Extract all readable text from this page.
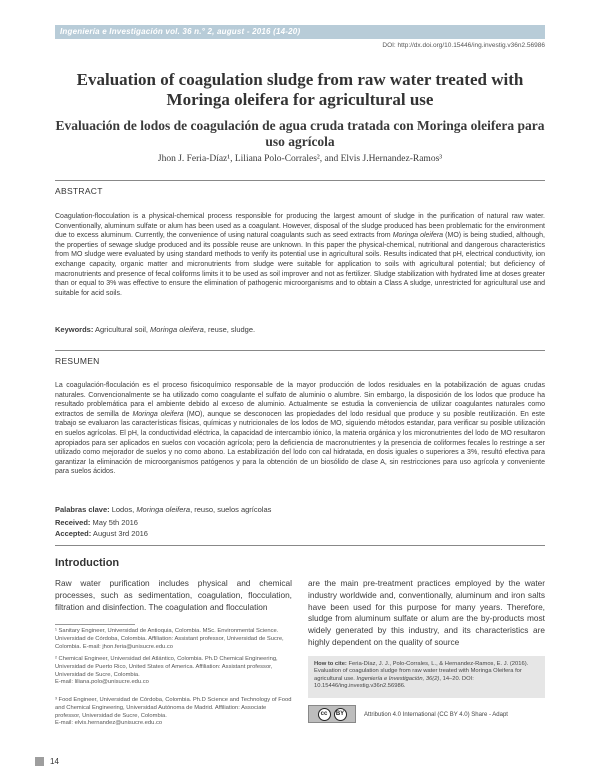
Ingeniería e Investigación vol. 36 n.° 2, august - 2016 (14-20)
DOI: http://dx.doi.org/10.15446/ing.investig.v36n2.56986
Evaluation of coagulation sludge from raw water treated with Moringa oleifera for agricultural use
Evaluación de lodos de coagulación de agua cruda tratada con Moringa oleifera para uso agrícola
Jhon J. Feria-Díaz¹, Liliana Polo-Corrales², and Elvis J.Hernandez-Ramos³
ABSTRACT
Coagulation-flocculation is a physical-chemical process responsible for producing the largest amount of sludge in the purification of natural raw water. Conventionally, aluminum sulfate or alum has been used as a coagulant. However, disposal of the sludge produced has been problematic for the environment due to excess aluminum. Currently, the convenience of using natural coagulants such as seed extracts from Moringa oleifera (MO) is being studied, although, the properties of sewage sludge produced and its possible reuse are unknown. In this paper the physical-chemical, nutritional and dangerous characteristics from MO sludge were evaluated by using standard methods to verify its potential use in agricultural soils. Results indicated that pH, electrical conductivity, ion exchange capacity, organic matter and micronutrients from sludge were suitable for application to soils with agricultural potential; but deficiency of macronutrients and presence of fecal coliforms limits it to be used as soil improver and not as fertilizer. Sludge stabilization with hydrated lime at doses greater than or equal to 3% was effective to ensure the elimination of pathogenic microorganisms and to obtain a Class A sludge, unrestricted for agricultural use and suitable for acid soils.
Keywords: Agricultural soil, Moringa oleifera, reuse, sludge.
RESUMEN
La coagulación-floculación es el proceso fisicoquímico responsable de la mayor producción de lodos residuales en la potabilización de aguas crudas naturales. Convencionalmente se ha utilizado como coagulante el sulfato de aluminio o alumbre. Sin embargo, la disposición de los lodos que produce ha resultado problemática para el ambiente debido al exceso de aluminio. Actualmente se estudia la conveniencia de utilizar coagulantes naturales como extractos de semilla de Moringa oleifera (MO), aunque se desconocen las propiedades del lodo residual que produce y su posible reutilización. En este trabajo se evaluaron las características físicas, químicas y nutricionales de los lodos de MO, siguiendo métodos estandar, para verificar su posible utilización en suelos agrícolas. El pH, la conductividad eléctrica, la capacidad de intercambio iónico, la materia orgánica y los micronutrientes del lodo de MO resultaron apropiados para ser aplicados en suelos con vocación agrícola; pero la deficiencia de macronutrientes y la presencia de coliformes fecales lo restringe a ser utilizado como mejorador de suelos y no como abono. La estabilización del lodo con cal hidratada, en dosis iguales o superiores a 3%, resultó efectiva para garantizar la eliminación de microorganismos patógenos y para la obtención de un biosólido de clase A, sin restricciones para uso agrícola y conveniente para suelos ácidos.
Palabras clave: Lodos, Moringa oleifera, reuso, suelos agrícolas
Received: May 5th 2016
Accepted: August 3rd 2016
Introduction
Raw water purification includes physical and chemical processes, such as sedimentation, coagulation, flocculation, filtration and disinfection. The coagulation and flocculation
are the main pre-treatment practices employed by the water industry worldwide and, conventionally, aluminum and iron salts have been used for this purpose for many years. Therefore, sludge from aluminum sulfate or alum are the by-products most widely generated by this industry, and its characteristics are highly dependent on the quality of source
¹ Sanitary Engineer, Universidad de Antioquia, Colombia. MSc. Environmental Science. Universidad de Córdoba, Colombia. Affiliation: Assistant professor, Universidad de Sucre, Colombia. E-mail: jhon.feria@unisucre.edu.co
² Chemical Engineer, Universidad del Atlántico, Colombia. Ph.D Chemical Engineering, Universidad de Puerto Rico, United States of America. Affiliation: Assistant professor, Universidad de Sucre, Colombia.
E-mail: liliana.polo@unisucre.edu.co
³ Food Engineer, Universidad de Córdoba, Colombia. Ph.D Science and Technology of Food and Chemical Engineering, Universidad Autónoma de Madrid. Affiliation: Associate professor, Universidad de Sucre, Colombia.
E-mail: elvis.hernandez@unisucre.edu.co
How to cite: Feria-Díaz, J. J., Polo-Corrales, L., & Hernandez-Ramos, E. J. (2016). Evaluation of coagulation sludge from raw water treated with Moringa Oleifera for agricultural use. Ingeniería e Investigación, 36(2), 14–20. DOI: 10.15446/ing.investig.v36n2.56986.
cc	BY	Attribution 4.0 International (CC BY 4.0) Share - Adapt
14
